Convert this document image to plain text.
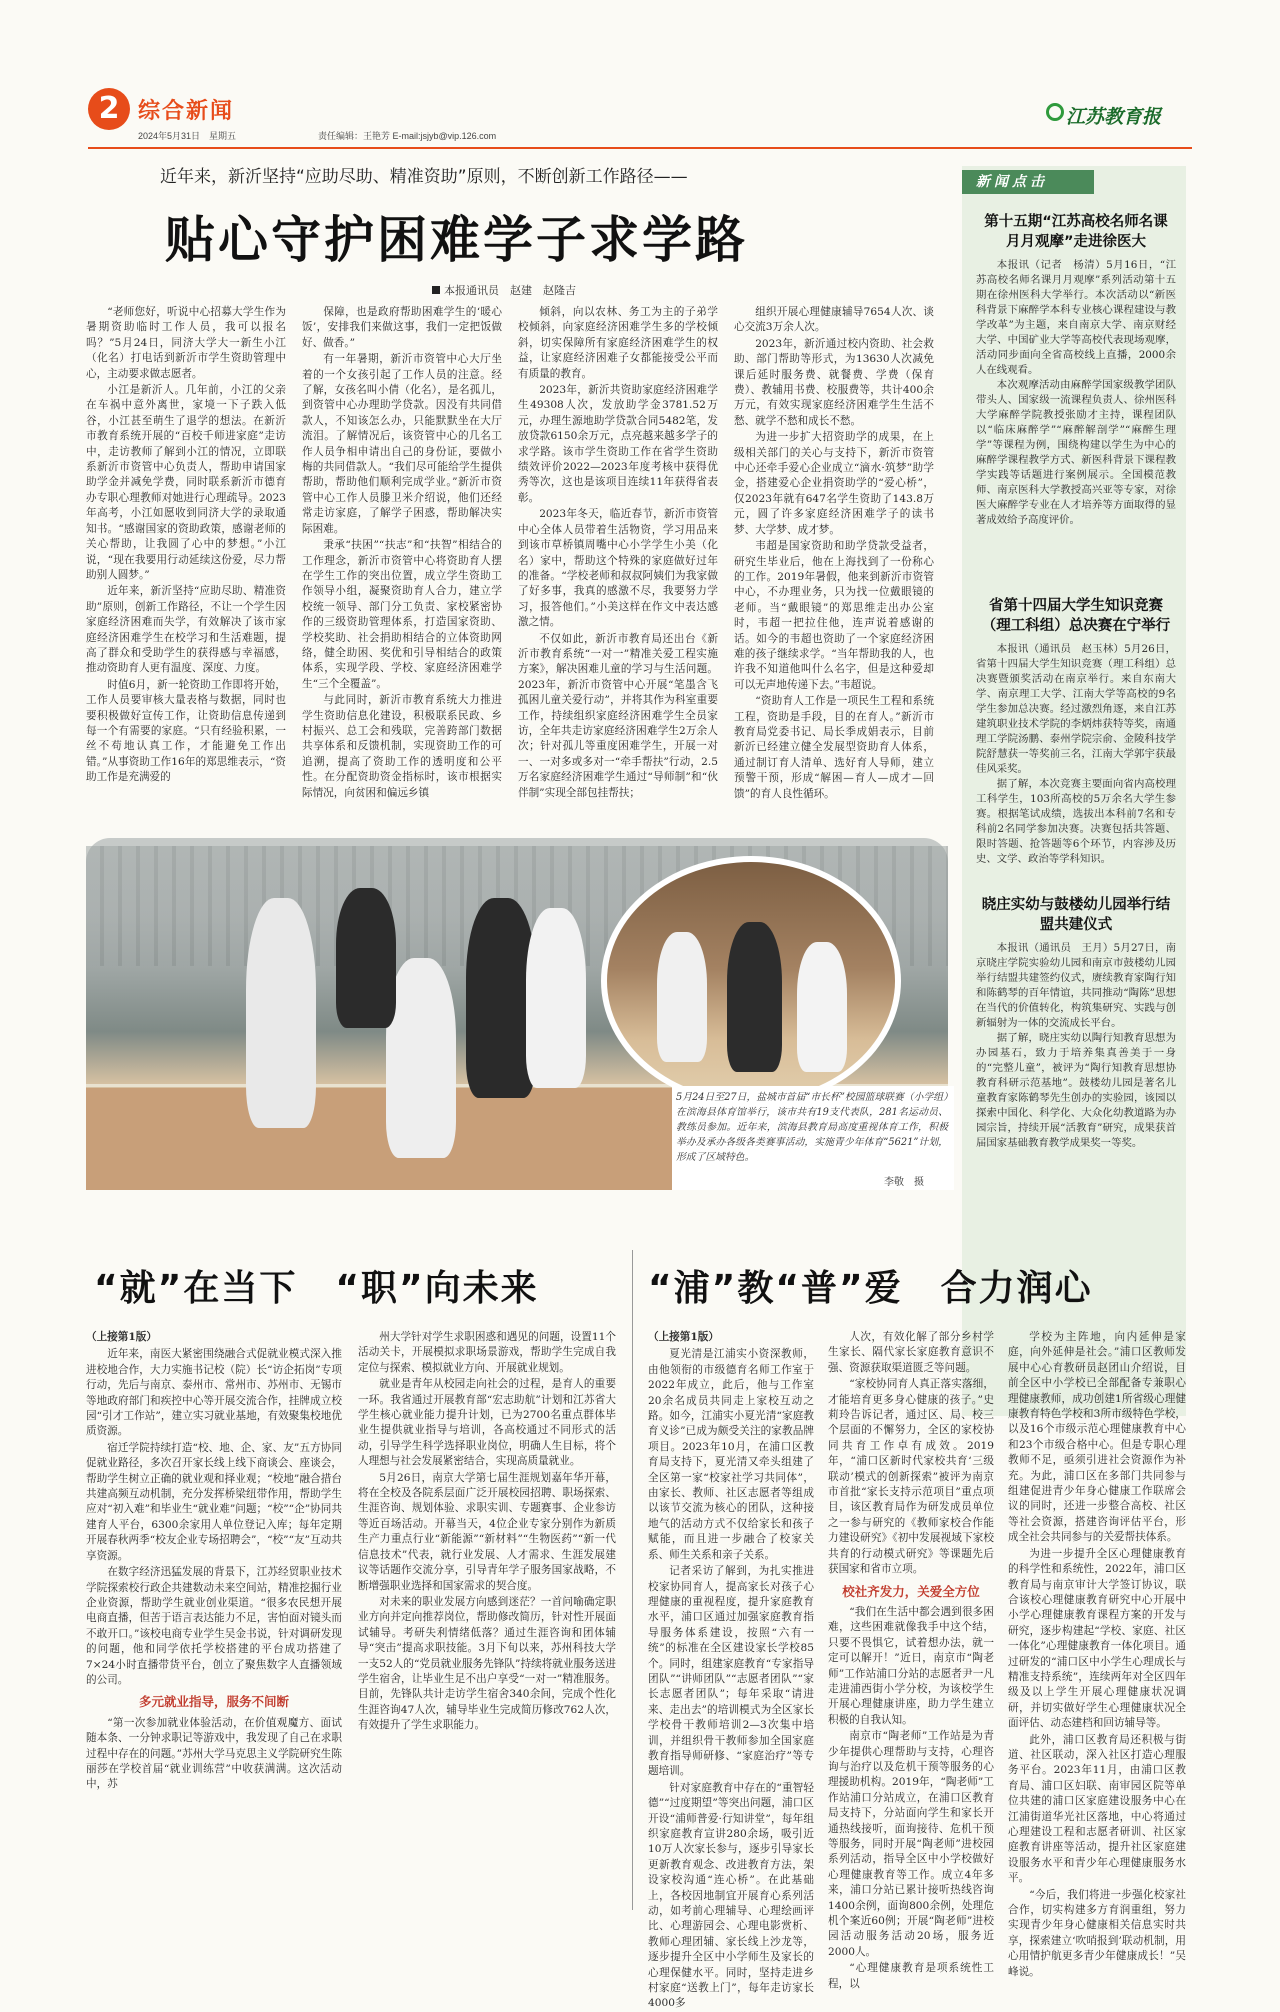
2 综合新闻
2024年5月31日　星期五	责任编辑：王艳芳 E-mail:jsjyb@vip.126.com
江苏教育报
近年来，新沂坚持“应助尽助、精准资助”原则，不断创新工作路径——
贴心守护困难学子求学路
本报通讯员　赵建　赵隆吉

“老师您好，听说中心招募大学生作为暑期资助临时工作人员，我可以报名吗？”5月24日，同济大学大一新生小江（化名）打电话到新沂市学生资助管理中心，主动要求做志愿者。

小江是新沂人。几年前，小江的父亲在车祸中意外离世，家境一下子跌入低谷，小江甚至萌生了退学的想法。在新沂市教育系统开展的“百校千师进家庭”走访中，走访教师了解到小江的情况，立即联系新沂市资管中心负责人，帮助申请国家助学金并减免学费，同时联系新沂市德育办专职心理教师对她进行心理疏导。2023年高考，小江如愿收到同济大学的录取通知书。“感谢国家的资助政策，感谢老师的关心帮助，让我圆了心中的梦想。”小江说，“现在我要用行动延续这份爱，尽力帮助别人圆梦。”

近年来，新沂坚持“应助尽助、精准资助”原则，创新工作路径，不让一个学生因家庭经济困难而失学，有效解决了该市家庭经济困难学生在校学习和生活难题，提高了群众和受助学生的获得感与幸福感，推动资助育人更有温度、深度、力度。

时值6月，新一轮资助工作即将开始，工作人员要审核大量表格与数据，同时也要积极做好宣传工作，让资助信息传递到每一个有需要的家庭。“只有经验积累，一丝不苟地认真工作，才能避免工作出错。”从事资助工作16年的郑思维表示，“资助工作是充满爱的

保障，也是政府帮助困难学生的‘暖心饭’，安排我们来做这事，我们一定把饭做好、做香。”

有一年暑期，新沂市资管中心大厅坐着的一个女孩引起了工作人员的注意。经了解，女孩名叫小倩（化名），是名孤儿，到资管中心办理助学贷款。因没有共同借款人，不知该怎么办，只能默默坐在大厅流泪。了解情况后，该资管中心的几名工作人员争相申请出自己的身份证，要做小梅的共同借款人。“我们尽可能给学生提供帮助，帮助他们顺利完成学业。”新沂市资管中心工作人员滕卫米介绍说，他们还经常走访家庭，了解学子困惑，帮助解决实际困难。

秉承“扶困”“扶志”和“扶智”相结合的工作理念，新沂市资管中心将资助育人摆在学生工作的突出位置，成立学生资助工作领导小组，凝聚资助育人合力，建立学校统一领导、部门分工负责、家校紧密协作的三级资助管理体系，打造国家资助、学校奖助、社会捐助相结合的立体资助网络，健全助困、奖优和引导相结合的政策体系，实现学段、学校、家庭经济困难学生“三个全覆盖”。

与此同时，新沂市教育系统大力推进学生资助信息化建设，积极联系民政、乡村振兴、总工会和残联，完善跨部门数据共享体系和反馈机制，实现资助工作的可追溯，提高了资助工作的透明度和公平性。在分配资助资金指标时，该市根据实际情况，向贫困和偏远乡镇

倾斜，向以农林、务工为主的子弟学校倾斜，向家庭经济困难学生多的学校倾斜，切实保障所有家庭经济困难学生的权益，让家庭经济困难子女都能接受公平而有质量的教育。

2023年，新沂共资助家庭经济困难学生49308人次，发放助学金3781.52万元，办理生源地助学贷款合同5482笔，发放贷款6150余万元，点亮越来越多学子的求学路。该市学生资助工作在省学生资助绩效评价2022—2023年度考核中获得优秀等次，这也是该项目连续11年获得省表彰。

2023年冬天，临近春节，新沂市资管中心全体人员带着生活物资，学习用品来到该市草桥镇周嘴中心小学学生小美（化名）家中，帮助这个特殊的家庭做好过年的准备。“学校老师和叔叔阿姨们为我家做了好多事，我真的感激不尽，我要努力学习，报答他们。”小美这样在作文中表达感激之情。

不仅如此，新沂市教育局还出台《新沂市教育系统“一对一”精准关爱工程实施方案》，解决困难儿童的学习与生活问题。2023年，新沂市资管中心开展“笔墨含飞孤困儿童关爱行动”，并将其作为科室重要工作，持续组织家庭经济困难学生全员家访，全年共走访家庭经济困难学生2万余人次；针对孤儿等重度困难学生，开展一对一、一对多或多对一“牵手帮扶”行动，2.5万名家庭经济困难学生通过“导师制”和“伙伴制”实现全部包挂帮扶；

组织开展心理健康辅导7654人次、谈心交流3万余人次。

2023年，新沂通过校内资助、社会救助、部门帮助等形式，为13630人次减免课后延时服务费、就餐费、学费（保育费）、教辅用书费、校服费等，共计400余万元，有效实现家庭经济困难学生生活不愁、就学不愁和成长不愁。

为进一步扩大招资助学的成果，在上级相关部门的关心与支持下，新沂市资管中心还牵手爱心企业成立“滴水·筑梦”助学金，搭建爱心企业捐资助学的“爱心桥”，仅2023年就有647名学生资助了143.8万元，圆了许多家庭经济困难学子的读书梦、大学梦、成才梦。

韦超是国家资助和助学贷款受益者，研究生毕业后，他在上海找到了一份称心的工作。2019年暑假，他来到新沂市资管中心，不办理业务，只为找一位戴眼镜的老师。当“戴眼镜”的郑思维走出办公室时，韦超一把拉住他，连声说着感谢的话。如今的韦超也资助了一个家庭经济困难的孩子继续求学。“当年帮助我的人，也许我不知道他叫什么名字，但是这种爱却可以无声地传递下去。”韦超说。

“资助育人工作是一项民生工程和系统工程，资助是手段，目的在育人。”新沂市教育局党委书记、局长季成娟表示，目前新沂已经建立健全发展型资助育人体系，通过制订育人清单、选好育人导师，建立预警干预，形成“解困—育人—成才—回馈”的育人良性循环。

新闻点击
第十五期“江苏高校名师名课月月观摩”走进徐医大

本报讯（记者　杨清）5月16日，“江苏高校名师名课月月观摩”系列活动第十五期在徐州医科大学举行。本次活动以“新医科背景下麻醉学本科专业核心课程建设与教学改革”为主题，来自南京大学、南京财经大学、中国矿业大学等高校代表现场观摩，活动同步面向全省高校线上直播，2000余人在线观看。

本次观摩活动由麻醉学国家级教学团队带头人、国家级一流课程负责人、徐州医科大学麻醉学院教授张励才主持，课程团队以“临床麻醉学”“麻醉解剖学”“麻醉生理学”等课程为例，围绕构建以学生为中心的麻醉学课程教学方式、新医科背景下课程教学实践等话题进行案例展示。全国模范教师、南京医科大学教授高兴亚等专家，对徐医大麻醉学专业在人才培养等方面取得的显著成效给予高度评价。

省第十四届大学生知识竞赛（理工科组）总决赛在宁举行

本报讯（通讯员　赵玉林）5月26日，省第十四届大学生知识竞赛（理工科组）总决赛暨颁奖活动在南京举行。来自东南大学、南京理工大学、江南大学等高校的9名学生参加总决赛。经过激烈角逐，来自江苏建筑职业技术学院的李炳炜获特等奖，南通理工学院汤鹏、泰州学院宗俞、金陵科技学院舒慧获一等奖前三名，江南大学郭宇获最佳风采奖。

据了解，本次竞赛主要面向省内高校理工科学生，103所高校的5万余名大学生参赛。根据笔试成绩，选拔出本科前7名和专科前2名同学参加决赛。决赛包括共答题、限时答题、抢答题等6个环节，内容涉及历史、文学、政治等学科知识。

晓庄实幼与鼓楼幼儿园举行结盟共建仪式

本报讯（通讯员　王月）5月27日，南京晓庄学院实验幼儿园和南京市鼓楼幼儿园举行结盟共建签约仪式，赓续教育家陶行知和陈鹤琴的百年情谊，共同推动“陶陈”思想在当代的价值转化，构筑集研究、实践与创新辐射为一体的交流成长平台。

据了解，晓庄实幼以陶行知教育思想为办园基石，致力于培养集真善美于一身的“完整儿童”，被评为“陶行知教育思想协教育科研示范基地”。鼓楼幼儿园是著名儿童教育家陈鹤琴先生创办的实验园，该园以探索中国化、科学化、大众化幼教道路为办园宗旨，持续开展“活教育”研究，成果获首届国家基础教育教学成果奖一等奖。

5月24日至27日，盐城市首届“市长杯”校园篮球联赛（小学组）在滨海县体育馆举行，该市共有19支代表队，281名运动员、教练员参加。近年来，滨海县教育局高度重视体育工作，积极举办及承办各级各类赛事活动，实施青少年体育“5621”计划，形成了区域特色。
李敬　摄
“就”在当下　“职”向未来

（上接第1版）

近年来，南医大紧密围绕融合式促就业模式深入推进校地合作，大力实施书记校（院）长“访企拓岗”专项行动，先后与南京、泰州市、常州市、苏州市、无锡市等地政府部门和疾控中心等开展交流合作，挂牌成立校园“引才工作站”，建立实习就业基地，有效聚集校地优质资源。

宿迁学院持续打造“校、地、企、家、友”五方协同促就业路径，多次召开家长线上线下商谈会、座谈会，帮助学生树立正确的就业观和择业观；“校地”融合措台共建高频互动机制，充分发挥桥梁纽带作用，帮助学生应对“初入难”和毕业生“就业难”问题；“校”“企”协同共建育人平台，6300余家用人单位登记入库；每年定期开展春秋两季“校友企业专场招聘会”，“校”“友”互动共享资源。

在数字经济迅猛发展的背景下，江苏经贸职业技术学院探索校行政企共建数动未来空间站，精准挖掘行业企业资源，帮助学生就业创业渠道。“很多农民想开展电商直播，但苦于语言表达能力不足，害怕面对镜头而不敢开口。”该校电商专业学生吴金书说，针对调研发现的问题，他和同学依托学校搭建的平台成功搭建了7×24小时直播带货平台，创立了聚焦数字人直播领域的公司。

多元就业指导，服务不间断

“第一次参加就业体验活动，在价值观魔方、面试随本条、一分钟求职记等游戏中，我发现了自己在求职过程中存在的问题。”苏州大学马克思主义学院研究生陈丽莎在学校首届“就业训练营”中收获满满。这次活动中，苏

州大学针对学生求职困惑和遇见的问题，设置11个活动关卡，开展模拟求职场景游戏，帮助学生完成自我定位与探索、模拟就业方向、开展就业规划。

就业是青年从校园走向社会的过程，是育人的重要一环。我省通过开展教育部“宏志助航”计划和江苏省大学生核心就业能力提升计划，已为2700名重点群体毕业生提供就业指导与培训，各高校通过不同形式的活动，引导学生科学选择职业岗位，明确人生目标，将个人理想与社会发展紧密结合，实现高质量就业。

5月26日，南京大学第七届生涯规划嘉年华开幕，将在全校及各院系层面广泛开展校园招聘、职场探索、生涯咨询、规划体验、求职实训、专题赛事、企业参访等近百场活动。开幕当天，4位企业专家分别作为新质生产力重点行业“新能源”“新材料”“生物医药”“新一代信息技术”代表，就行业发展、人才需求、生涯发展建议等话题作交流分享，引导青年学子服务国家战略，不断增强职业选择和国家需求的契合度。

对未来的职业发展方向感到迷茫？一首问喻确定职业方向并定向推荐岗位，帮助修改简历，针对性开展面试辅导。考研失利情绪低落？通过生涯咨询和团体辅导“突击”提高求职技能。3月下旬以来，苏州科技大学一支52人的“党员就业服务先锋队”持续将就业服务送进学生宿舍，让毕业生足不出户享受“一对一”精准服务。目前，先锋队共计走访学生宿舍340余间，完成个性化生涯咨询47人次，辅导毕业生完成简历修改762人次，有效提升了学生求职能力。

“浦”教“普”爱　合力润心

（上接第1版）

夏光清是江浦实小资深教师，由他领衔的市级德育名师工作室于2022年成立，此后，他与工作室20余名成员共同走上家校互动之路。如今，江浦实小夏光清“家庭教育义诊”已成为颇受关注的家教品牌项目。2023年10月，在浦口区教育局支持下，夏光清又牵头组建了全区第一家“校家社学习共同体”，由家长、教师、社区志愿者等组成以该节交流为核心的团队，这种接地气的活动方式不仅给家长和孩子赋能，而且进一步融合了校家关系、师生关系和亲子关系。

记者采访了解到，为扎实推进校家协同育人，提高家长对孩子心理健康的重视程度，提升家庭教育水平，浦口区通过加强家庭教育指导服务体系建设，按照“六有一统”的标准在全区建设家长学校85个。同时，组建家庭教育“专家指导团队”“讲师团队”“志愿者团队”“家长志愿者团队”；每年采取“请进来、走出去”的培训模式为全区家长学校骨干教师培训2—3次集中培训，并组织骨干教师参加全国家庭教育指导师研修、“家庭治疗”等专题培训。

针对家庭教育中存在的“重智轻德”“过度期望”等突出问题，浦口区开设“浦师普爱·行知讲堂”，每年组织家庭教育宣讲280余场，吸引近10万人次家长参与，逐步引导家长更新教育观念、改进教育方法，架设家校沟通“连心桥”。在此基础上，各校因地制宜开展育心系列活动，如考前心理辅导、心理绘画评比、心理游园会、心理电影赏析、教师心理团辅、家长线上沙龙等，逐步提升全区中小学师生及家长的心理保健水平。同时，坚持走进乡村家庭“送教上门”，每年走访家长4000多

人次，有效化解了部分乡村学生家长、隔代家长家庭教育意识不强、资源获取渠道匮乏等问题。

“家校协同育人真正落实落细，才能培育更多身心健康的孩子。”史莉玲告诉记者，通过区、局、校三个层面的不懈努力，全区的家校协同共育工作卓有成效。2019年，“浦口区新时代家校共育‘三级联动’模式的创新探索”被评为南京市首批“家长支持示范项目”重点项目，该区教育局作为研发成员单位之一参与研究的《教师家校合作能力建设研究》《初中发展视域下家校共育的行动模式研究》等课题先后获国家和省市立项。

校社齐发力，关爱全方位

“我们在生活中都会遇到很多困难，这些困难就像我手中这个结，只要不畏惧它，试着想办法，就一定可以解开！”近日，南京市“陶老师”工作站浦口分站的志愿者尹一凡走进浦西街小学分校，为该校学生开展心理健康讲座，助力学生建立积极的自我认知。

南京市“陶老师”工作站是为青少年提供心理帮助与支持，心理咨询与治疗以及危机干预等服务的心理援助机构。2019年，“陶老师”工作站浦口分站成立，在浦口区教育局支持下，分站面向学生和家长开通热线接听，面询接待、危机干预等服务，同时开展“陶老师”进校园系列活动，指导全区中小学校做好心理健康教育等工作。成立4年多来，浦口分站已累计接听热线咨询1400余例，面询800余例，处理危机个案近60例；开展“陶老师”进校园活动服务活动20场，服务近2000人。

“心理健康教育是项系统性工程，以

学校为主阵地，向内延伸是家庭，向外延伸是社会。”浦口区教师发展中心心育教研员赵团山介绍说，目前全区中小学校已全部配备专兼职心理健康教师，成功创建1所省级心理健康教育特色学校和3所市级特色学校，以及16个市级示范心理健康教育中心和23个市级合格中心。但是专职心理教师不足，亟须引进社会资源作为补充。为此，浦口区在多部门共同参与组建促进青少年身心健康工作联席会议的同时，还进一步整合高校、社区等社会资源，搭建咨询评估平台，形成全社会共同参与的关爱帮扶体系。

为进一步提升全区心理健康教育的科学性和系统性，2022年，浦口区教育局与南京审计大学签订协议，联合该校心理健康教育研究中心开展中小学心理健康教育课程方案的开发与研究，逐步构建起“学校、家庭、社区一体化”心理健康教育一体化项目。通过研发的“浦口区中小学生心理成长与精准支持系统”，连续两年对全区四年级及以上学生开展心理健康状况调研，并切实做好学生心理健康状况全面评估、动态建档和回访辅导等。

此外，浦口区教育局还积极与街道、社区联动，深入社区打造心理服务平台。2023年11月，由浦口区教育局、浦口区妇联、南审园区院等单位共建的浦口区家庭建设服务中心在江浦街道华光社区落地，中心将通过心理建设工程和志愿者研训、社区家庭教育讲座等活动，提升社区家庭建设服务水平和青少年心理健康服务水平。

“今后，我们将进一步强化校家社合作，切实构建多方育润重组，努力实现青少年身心健康相关信息实时共享，探索建立‘吹哨报到’联动机制，用心用情护航更多青少年健康成长！”吴峰说。
